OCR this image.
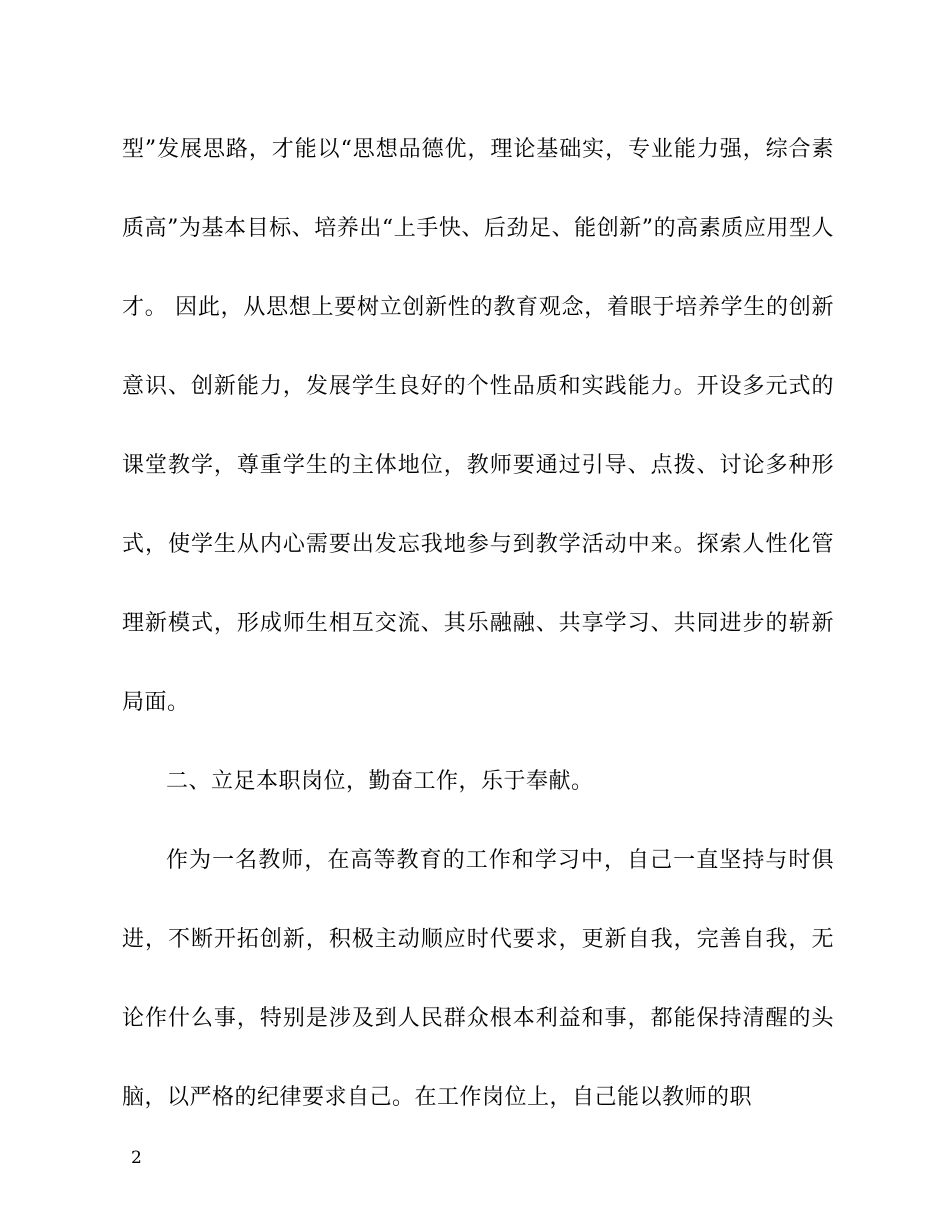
型”发展思路，才能以“思想品德优，理论基础实，专业能力强，综合素质高”为基本目标、培养出“上手快、后劲足、能创新”的高素质应用型人才。 因此，从思想上要树立创新性的教育观念，着眼于培养学生的创新意识、创新能力，发展学生良好的个性品质和实践能力。开设多元式的课堂教学，尊重学生的主体地位，教师要通过引导、点拨、讨论多种形式，使学生从内心需要出发忘我地参与到教学活动中来。探索人性化管理新模式，形成师生相互交流、其乐融融、共享学习、共同进步的崭新局面。

二、立足本职岗位，勤奋工作，乐于奉献。

作为一名教师，在高等教育的工作和学习中，自己一直坚持与时俱进，不断开拓创新，积极主动顺应时代要求，更新自我，完善自我，无论作什么事，特别是涉及到人民群众根本利益和事，都能保持清醒的头脑，以严格的纪律要求自己。在工作岗位上，自己能以教师的职

2
